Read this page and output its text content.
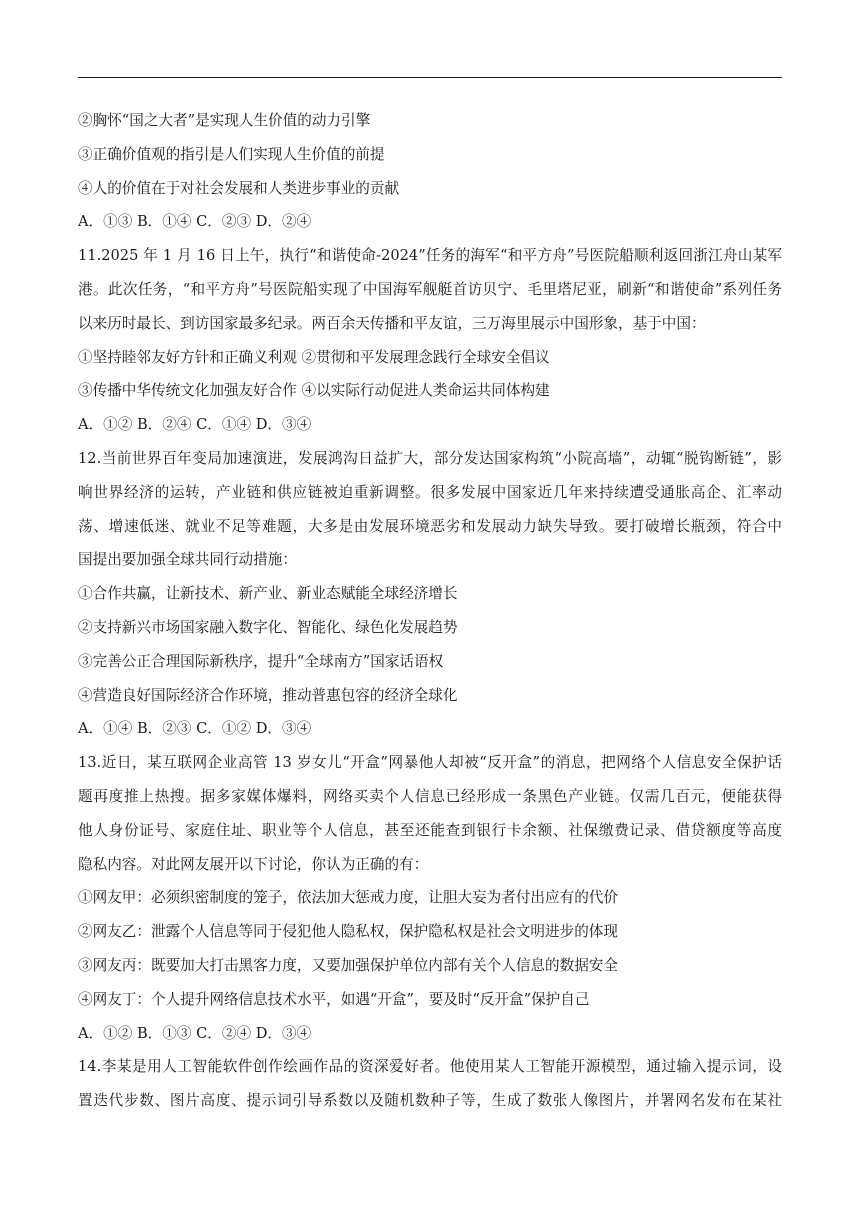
②胸怀“国之大者”是实现人生价值的动力引擎
③正确价值观的指引是人们实现人生价值的前提
④人的价值在于对社会发展和人类进步事业的贡献
A．①③ B．①④ C．②③ D．②④
11.2025 年 1 月 16 日上午，执行“和谐使命-2024”任务的海军“和平方舟”号医院船顺利返回浙江舟山某军
港。此次任务，“和平方舟”号医院船实现了中国海军舰艇首访贝宁、毛里塔尼亚，刷新“和谐使命”系列任务
以来历时最长、到访国家最多纪录。两百余天传播和平友谊，三万海里展示中国形象，基于中国：
①坚持睦邻友好方针和正确义利观 ②贯彻和平发展理念践行全球安全倡议
③传播中华传统文化加强友好合作 ④以实际行动促进人类命运共同体构建
A．①② B．②④ C．①④ D．③④
12.当前世界百年变局加速演进，发展鸿沟日益扩大，部分发达国家构筑“小院高墙”，动辄“脱钩断链”，影
响世界经济的运转，产业链和供应链被迫重新调整。很多发展中国家近几年来持续遭受通胀高企、汇率动
荡、增速低迷、就业不足等难题，大多是由发展环境恶劣和发展动力缺失导致。要打破增长瓶颈，符合中
国提出要加强全球共同行动措施：
①合作共赢，让新技术、新产业、新业态赋能全球经济增长
②支持新兴市场国家融入数字化、智能化、绿色化发展趋势
③完善公正合理国际新秩序，提升“全球南方”国家话语权
④营造良好国际经济合作环境，推动普惠包容的经济全球化
A．①④ B．②③ C．①② D．③④
13.近日，某互联网企业高管 13 岁女儿“开盒”网暴他人却被“反开盒”的消息，把网络个人信息安全保护话
题再度推上热搜。据多家媒体爆料，网络买卖个人信息已经形成一条黑色产业链。仅需几百元，便能获得
他人身份证号、家庭住址、职业等个人信息，甚至还能查到银行卡余额、社保缴费记录、借贷额度等高度
隐私内容。对此网友展开以下讨论，你认为正确的有：
①网友甲：必须织密制度的笼子，依法加大惩戒力度，让胆大妄为者付出应有的代价
②网友乙：泄露个人信息等同于侵犯他人隐私权，保护隐私权是社会文明进步的体现
③网友丙：既要加大打击黑客力度，又要加强保护单位内部有关个人信息的数据安全
④网友丁：个人提升网络信息技术水平，如遇“开盒”，要及时“反开盒”保护自己
A．①② B．①③ C．②④ D．③④
14.李某是用人工智能软件创作绘画作品的资深爱好者。他使用某人工智能开源模型，通过输入提示词，设
置迭代步数、图片高度、提示词引导系数以及随机数种子等，生成了数张人像图片，并署网名发布在某社
